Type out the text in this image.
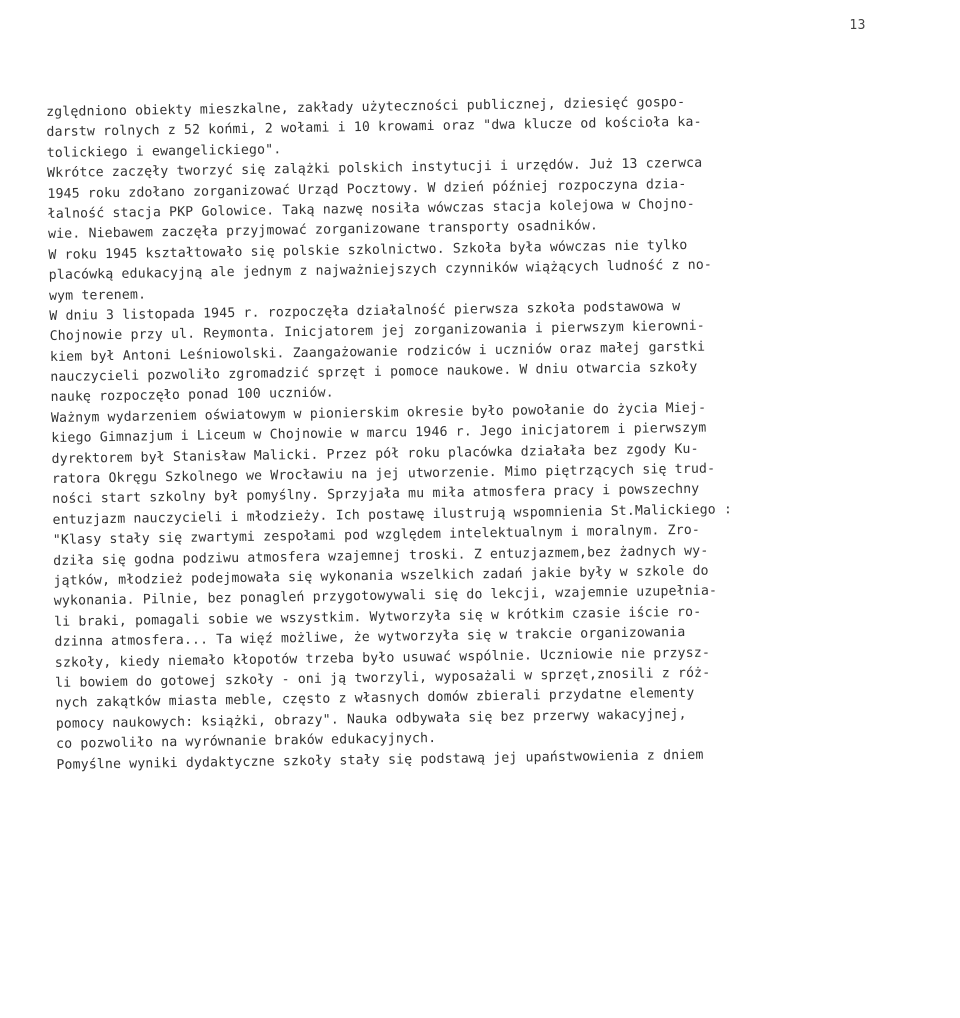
13
zględniono obiekty mieszkalne, zakłady użyteczności publicznej, dziesięć gospo-
darstw rolnych z 52 końmi, 2 wołami i 10 krowami oraz "dwa klucze od kościoła ka-
tolickiego i ewangelickiego".
Wkrótce zaczęły tworzyć się zalążki polskich instytucji i urzędów. Już 13 czerwca
1945 roku zdołano zorganizować Urząd Pocztowy. W dzień później rozpoczyna dzia-
łalność stacja PKP Golowice. Taką nazwę nosiła wówczas stacja kolejowa w Chojno-
wie. Niebawem zaczęła przyjmować zorganizowane transporty osadników.
W roku 1945 kształtowało się polskie szkolnictwo. Szkoła była wówczas nie tylko
placówką edukacyjną ale jednym z najważniejszych czynników wiążących ludność z no-
wym terenem.
W dniu 3 listopada 1945 r. rozpoczęła działalność pierwsza szkoła podstawowa w
Chojnowie przy ul. Reymonta. Inicjatorem jej zorganizowania i pierwszym kierowni-
kiem był Antoni Leśniowolski. Zaangażowanie rodziców i uczniów oraz małej garstki
nauczycieli pozwoliło zgromadzić sprzęt i pomoce naukowe. W dniu otwarcia szkoły
naukę rozpoczęło ponad 100 uczniów.
Ważnym wydarzeniem oświatowym w pionierskim okresie było powołanie do życia Miej-
kiego Gimnazjum i Liceum w Chojnowie w marcu 1946 r. Jego inicjatorem i pierwszym
dyrektorem był Stanisław Malicki. Przez pół roku placówka działała bez zgody Ku-
ratora Okręgu Szkolnego we Wrocławiu na jej utworzenie. Mimo piętrzących się trud-
ności start szkolny był pomyślny. Sprzyjała mu miła atmosfera pracy i powszechny
entuzjazm nauczycieli i młodzieży. Ich postawę ilustrują wspomnienia St.Malickiego :
"Klasy stały się zwartymi zespołami pod względem intelektualnym i moralnym. Zro-
dziła się godna podziwu atmosfera wzajemnej troski. Z entuzjazmem,bez żadnych wy-
jątków, młodzież podejmowała się wykonania wszelkich zadań jakie były w szkole do
wykonania. Pilnie, bez ponagleń przygotowywali się do lekcji, wzajemnie uzupełnia-
li braki, pomagali sobie we wszystkim. Wytworzyła się w krótkim czasie iście ro-
dzinna atmosfera... Ta więź możliwe, że wytworzyła się w trakcie organizowania
szkoły, kiedy niemało kłopotów trzeba było usuwać wspólnie. Uczniowie nie przysz-
li bowiem do gotowej szkoły - oni ją tworzyli, wyposażali w sprzęt,znosili z róż-
nych zakątków miasta meble, często z własnych domów zbierali przydatne elementy
pomocy naukowych: książki, obrazy". Nauka odbywała się bez przerwy wakacyjnej,
co pozwoliło na wyrównanie braków edukacyjnych.
Pomyślne wyniki dydaktyczne szkoły stały się podstawą jej upaństwowienia z dniem
